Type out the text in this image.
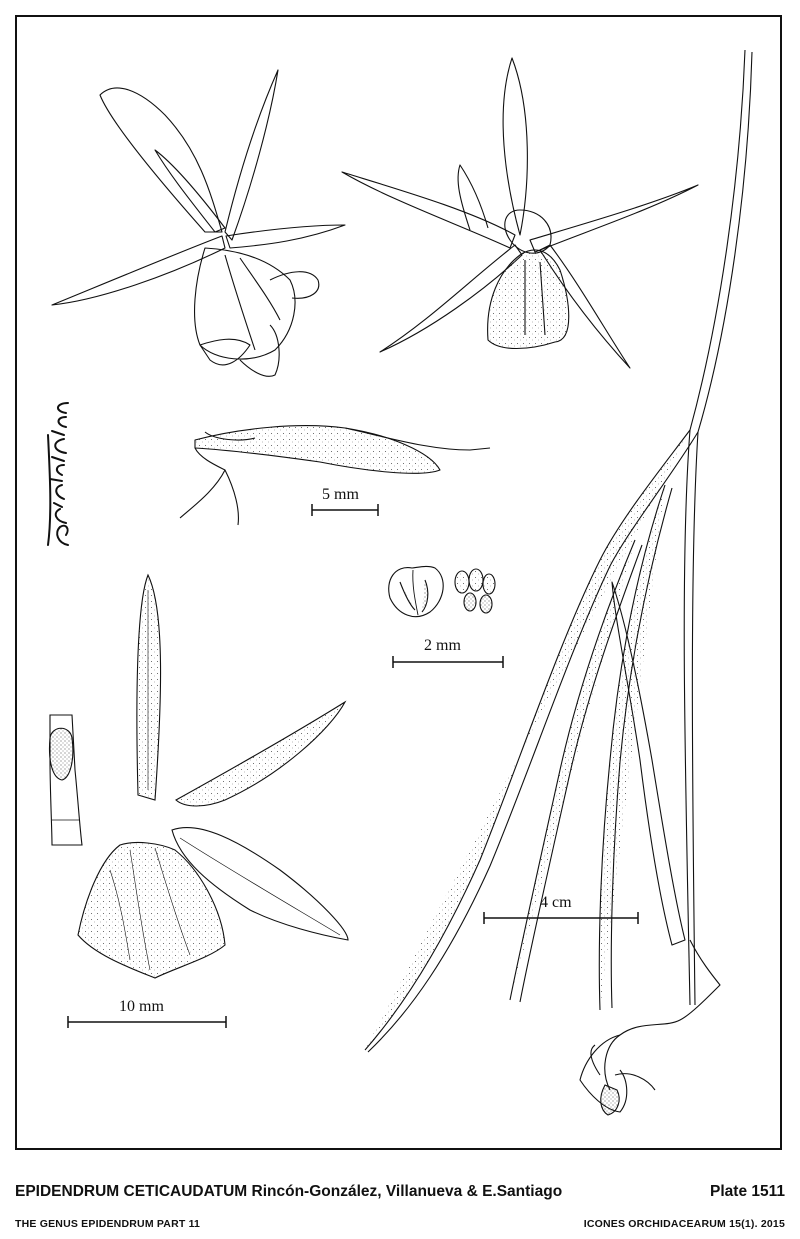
5 mm
2 mm
10 mm
4 cm
EPIDENDRUM CETICAUDATUM Rincón-González, Villanueva & E.Santiago	Plate 1511
THE GENUS EPIDENDRUM PART 11	ICONES ORCHIDACEARUM 15(1). 2015
